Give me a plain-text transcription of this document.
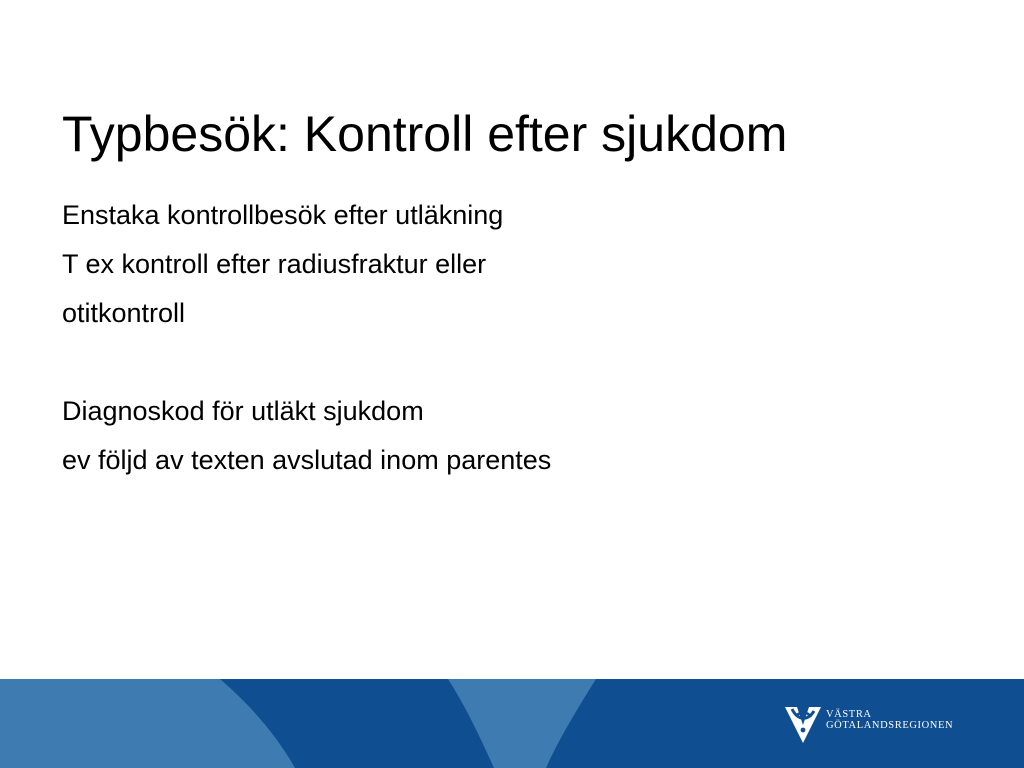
Typbesök: Kontroll efter sjukdom
Enstaka kontrollbesök efter utläkning
T ex kontroll efter radiusfraktur eller
otitkontroll
Diagnoskod för utläkt sjukdom
ev följd av texten avslutad inom parentes
VÄSTRA
GÖTALANDSREGIONEN
